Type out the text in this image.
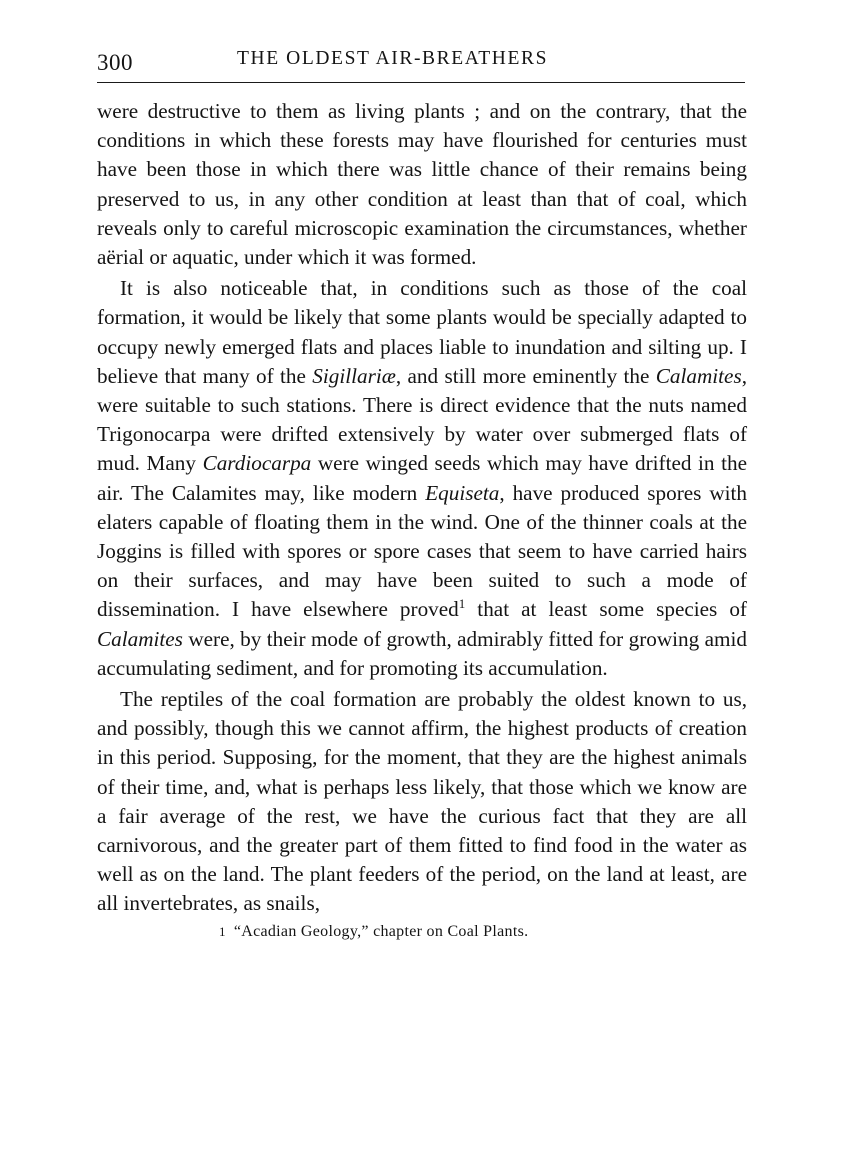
300	THE OLDEST AIR-BREATHERS

were destructive to them as living plants ; and on the contrary, that the conditions in which these forests may have flourished for centuries must have been those in which there was little chance of their remains being preserved to us, in any other condition at least than that of coal, which reveals only to careful microscopic examination the circumstances, whether aërial or aquatic, under which it was formed.

It is also noticeable that, in conditions such as those of the coal formation, it would be likely that some plants would be specially adapted to occupy newly emerged flats and places liable to inundation and silting up. I believe that many of the Sigillariæ, and still more eminently the Calamites, were suitable to such stations. There is direct evidence that the nuts named Trigonocarpa were drifted extensively by water over submerged flats of mud. Many Cardiocarpa were winged seeds which may have drifted in the air. The Calamites may, like modern Equiseta, have produced spores with elaters capable of floating them in the wind. One of the thinner coals at the Joggins is filled with spores or spore cases that seem to have carried hairs on their surfaces, and may have been suited to such a mode of dissemination. I have elsewhere proved$^1$ that at least some species of Calamites were, by their mode of growth, admirably fitted for growing amid accumulating sediment, and for promoting its accumulation.

The reptiles of the coal formation are probably the oldest known to us, and possibly, though this we cannot affirm, the highest products of creation in this period. Supposing, for the moment, that they are the highest animals of their time, and, what is perhaps less likely, that those which we know are a fair average of the rest, we have the curious fact that they are all carnivorous, and the greater part of them fitted to find food in the water as well as on the land. The plant feeders of the period, on the land at least, are all invertebrates, as snails,

1 “Acadian Geology,” chapter on Coal Plants.
